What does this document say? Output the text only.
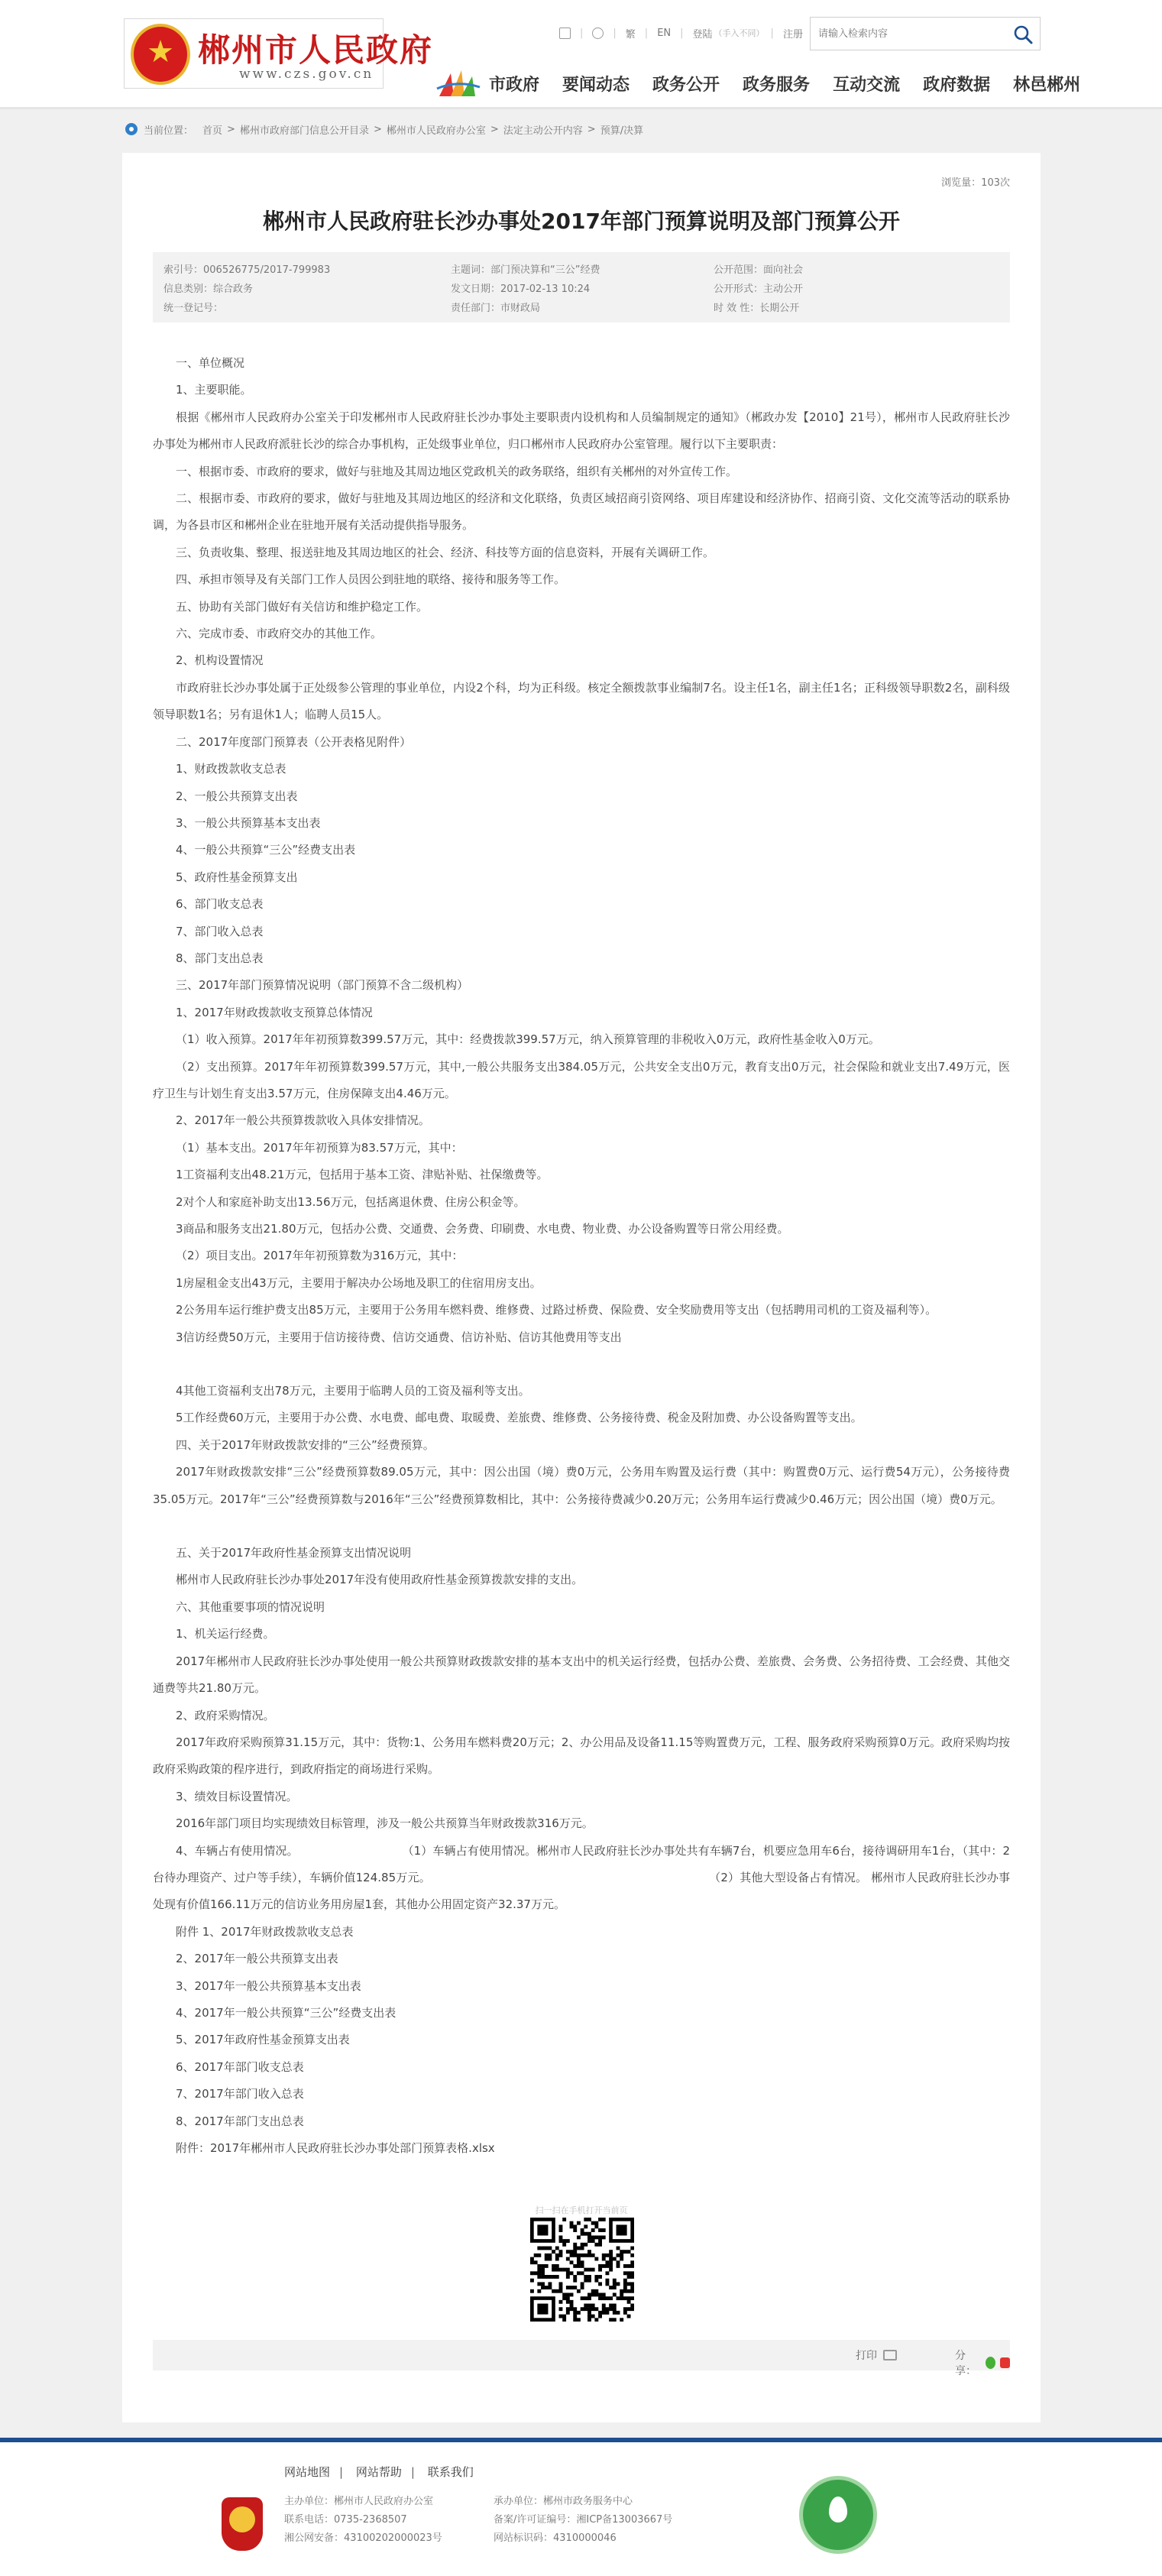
★ 郴州市人民政府
www.czs.gov.cn
|	| 繁 | EN | 登陆 （手入不同） | 注册
请输入检索内容
市政府 要闻动态 政务公开 政务服务 互动交流 政府数据 林邑郴州
当前位置： 首页 > 郴州市政府部门信息公开目录 > 郴州市人民政府办公室 > 法定主动公开内容 > 预算/决算
浏览量：103次
郴州市人民政府驻长沙办事处2017年部门预算说明及部门预算公开
索引号：006526775/2017-799983	主题词：部门预决算和“三公”经费	公开范围：面向社会
信息类别：综合政务	发文日期：2017-02-13 10:24	公开形式：主动公开
统一登记号：	责任部门：市财政局	时 效 性：长期公开

一、单位概况

1、主要职能。

根据《郴州市人民政府办公室关于印发郴州市人民政府驻长沙办事处主要职责内设机构和人员编制规定的通知》（郴政办发【2010】21号），郴州市人民政府驻长沙办事处为郴州市人民政府派驻长沙的综合办事机构，正处级事业单位，归口郴州市人民政府办公室管理。履行以下主要职责：

一、根据市委、市政府的要求，做好与驻地及其周边地区党政机关的政务联络，组织有关郴州的对外宣传工作。

二、根据市委、市政府的要求，做好与驻地及其周边地区的经济和文化联络，负责区域招商引资网络、项目库建设和经济协作、招商引资、文化交流等活动的联系协调，为各县市区和郴州企业在驻地开展有关活动提供指导服务。

三、负责收集、整理、报送驻地及其周边地区的社会、经济、科技等方面的信息资料，开展有关调研工作。

四、承担市领导及有关部门工作人员因公到驻地的联络、接待和服务等工作。

五、协助有关部门做好有关信访和维护稳定工作。

六、完成市委、市政府交办的其他工作。

2、机构设置情况

市政府驻长沙办事处属于正处级参公管理的事业单位，内设2个科，均为正科级。核定全额拨款事业编制7名。设主任1名，副主任1名；正科级领导职数2名，副科级领导职数1名；另有退休1人；临聘人员15人。

二、2017年度部门预算表（公开表格见附件）

1、财政拨款收支总表

2、一般公共预算支出表

3、一般公共预算基本支出表

4、一般公共预算“三公”经费支出表

5、政府性基金预算支出

6、部门收支总表

7、部门收入总表

8、部门支出总表

三、2017年部门预算情况说明（部门预算不含二级机构）

1、2017年财政拨款收支预算总体情况

（1）收入预算。2017年年初预算数399.57万元，其中：经费拨款399.57万元，纳入预算管理的非税收入0万元，政府性基金收入0万元。

（2）支出预算。2017年年初预算数399.57万元，其中,一般公共服务支出384.05万元，公共安全支出0万元，教育支出0万元，社会保险和就业支出7.49万元，医疗卫生与计划生育支出3.57万元，住房保障支出4.46万元。

2、2017年一般公共预算拨款收入具体安排情况。

（1）基本支出。2017年年初预算为83.57万元，其中：

1工资福利支出48.21万元，包括用于基本工资、津贴补贴、社保缴费等。

2对个人和家庭补助支出13.56万元，包括离退休费、住房公积金等。

3商品和服务支出21.80万元，包括办公费、交通费、会务费、印刷费、水电费、物业费、办公设备购置等日常公用经费。

（2）项目支出。2017年年初预算数为316万元，其中：

1房屋租金支出43万元，主要用于解决办公场地及职工的住宿用房支出。

2公务用车运行维护费支出85万元，主要用于公务用车燃料费、维修费、过路过桥费、保险费、安全奖励费用等支出（包括聘用司机的工资及福利等）。

3信访经费50万元，主要用于信访接待费、信访交通费、信访补贴、信访其他费用等支出

4其他工资福利支出78万元，主要用于临聘人员的工资及福利等支出。

5工作经费60万元，主要用于办公费、水电费、邮电费、取暖费、差旅费、维修费、公务接待费、税金及附加费、办公设备购置等支出。

四、关于2017年财政拨款安排的“三公”经费预算。

2017年财政拨款安排“三公”经费预算数89.05万元，其中：因公出国（境）费0万元，公务用车购置及运行费（其中：购置费0万元、运行费54万元），公务接待费35.05万元。2017年“三公”经费预算数与2016年“三公”经费预算数相比，其中：公务接待费减少0.20万元；公务用车运行费减少0.46万元；因公出国（境）费0万元。

五、关于2017年政府性基金预算支出情况说明

郴州市人民政府驻长沙办事处2017年没有使用政府性基金预算拨款安排的支出。

六、其他重要事项的情况说明

1、机关运行经费。

2017年郴州市人民政府驻长沙办事处使用一般公共预算财政拨款安排的基本支出中的机关运行经费，包括办公费、差旅费、会务费、公务招待费、工会经费、其他交通费等共21.80万元。

2、政府采购情况。

2017年政府采购预算31.15万元，其中：货物:1、公务用车燃料费20万元；2、办公用品及设备11.15等购置费万元，工程、服务政府采购预算0万元。政府采购均按政府采购政策的程序进行，到政府指定的商场进行采购。

3、绩效目标设置情况。

2016年部门项目均实现绩效目标管理，涉及一般公共预算当年财政拨款316万元。

4、车辆占有使用情况。　　　　　　　　　　（1）车辆占有使用情况。郴州市人民政府驻长沙办事处共有车辆7台，机要应急用车6台，接待调研用车1台，（其中：2台待办理资产、过户等手续），车辆价值124.85万元。　　　　　　　　　　　　　　　　　　　　　　　　　（2）其他大型设备占有情况。 郴州市人民政府驻长沙办事处现有价值166.11万元的信访业务用房屋1套，其他办公用固定资产32.37万元。

附件 1、2017年财政拨款收支总表

2、2017年一般公共预算支出表

3、2017年一般公共预算基本支出表

4、2017年一般公共预算“三公”经费支出表

5、2017年政府性基金预算支出表

6、2017年部门收支总表

7、2017年部门收入总表

8、2017年部门支出总表

附件：2017年郴州市人民政府驻长沙办事处部门预算表格.xlsx

扫一扫在手机打开当前页
打印	分享：
网站地图 | 网站帮助 | 联系我们
主办单位：郴州市人民政府办公室
联系电话：0735-2368507
湘公网安备：43100202000023号
承办单位：郴州市政务服务中心
备案/许可证编号：湘ICP备13003667号
网站标识码：4310000046
